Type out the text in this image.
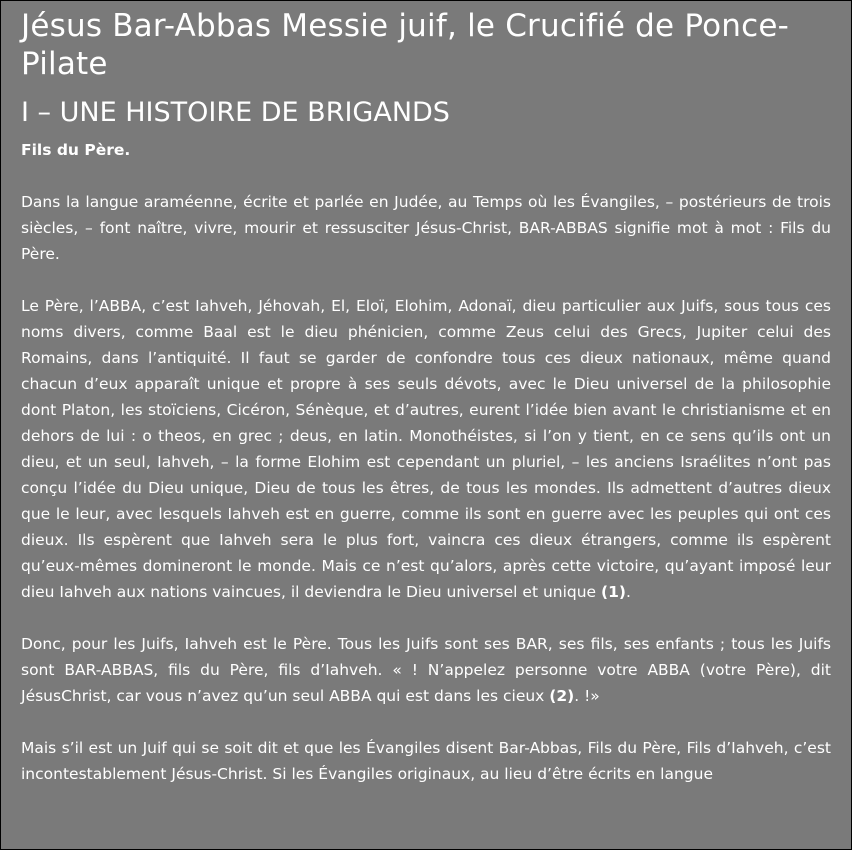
Jésus Bar-Abbas Messie juif, le Crucifié de Ponce-Pilate
I – UNE HISTOIRE DE BRIGANDS

Fils du Père.

Dans la langue araméenne, écrite et parlée en Judée, au Temps où les Évangiles, – postérieurs de trois siècles, – font naître, vivre, mourir et ressusciter Jésus-Christ, BAR-ABBAS signifie mot à mot : Fils du Père.

Le Père, l’ABBA, c’est Iahveh, Jéhovah, El, Eloï, Elohim, Adonaï, dieu particulier aux Juifs, sous tous ces noms divers, comme Baal est le dieu phénicien, comme Zeus celui des Grecs, Jupiter celui des Romains, dans l’antiquité. Il faut se garder de confondre tous ces dieux nationaux, même quand chacun d’eux apparaît unique et propre à ses seuls dévots, avec le Dieu universel de la philosophie dont Platon, les stoïciens, Cicéron, Sénèque, et d’autres, eurent l’idée bien avant le christianisme et en dehors de lui : o theos, en grec ; deus, en latin. Monothéistes, si l’on y tient, en ce sens qu’ils ont un dieu, et un seul, Iahveh, – la forme Elohim est cependant un pluriel, – les anciens Israélites n’ont pas conçu l’idée du Dieu unique, Dieu de tous les êtres, de tous les mondes. Ils admettent d’autres dieux que le leur, avec lesquels Iahveh est en guerre, comme ils sont en guerre avec les peuples qui ont ces dieux. Ils espèrent que Iahveh sera le plus fort, vaincra ces dieux étrangers, comme ils espèrent qu’eux-mêmes domineront le monde. Mais ce n’est qu’alors, après cette victoire, qu’ayant imposé leur dieu Iahveh aux nations vaincues, il deviendra le Dieu universel et unique (1).

Donc, pour les Juifs, Iahveh est le Père. Tous les Juifs sont ses BAR, ses fils, ses enfants ; tous les Juifs sont BAR-ABBAS, fils du Père, fils d’Iahveh. « ! N’appelez personne votre ABBA (votre Père), dit JésusChrist, car vous n’avez qu’un seul ABBA qui est dans les cieux (2). !»

Mais s’il est un Juif qui se soit dit et que les Évangiles disent Bar-Abbas, Fils du Père, Fils d’Iahveh, c’est incontestablement Jésus-Christ. Si les Évangiles originaux, au lieu d’être écrits en langue
